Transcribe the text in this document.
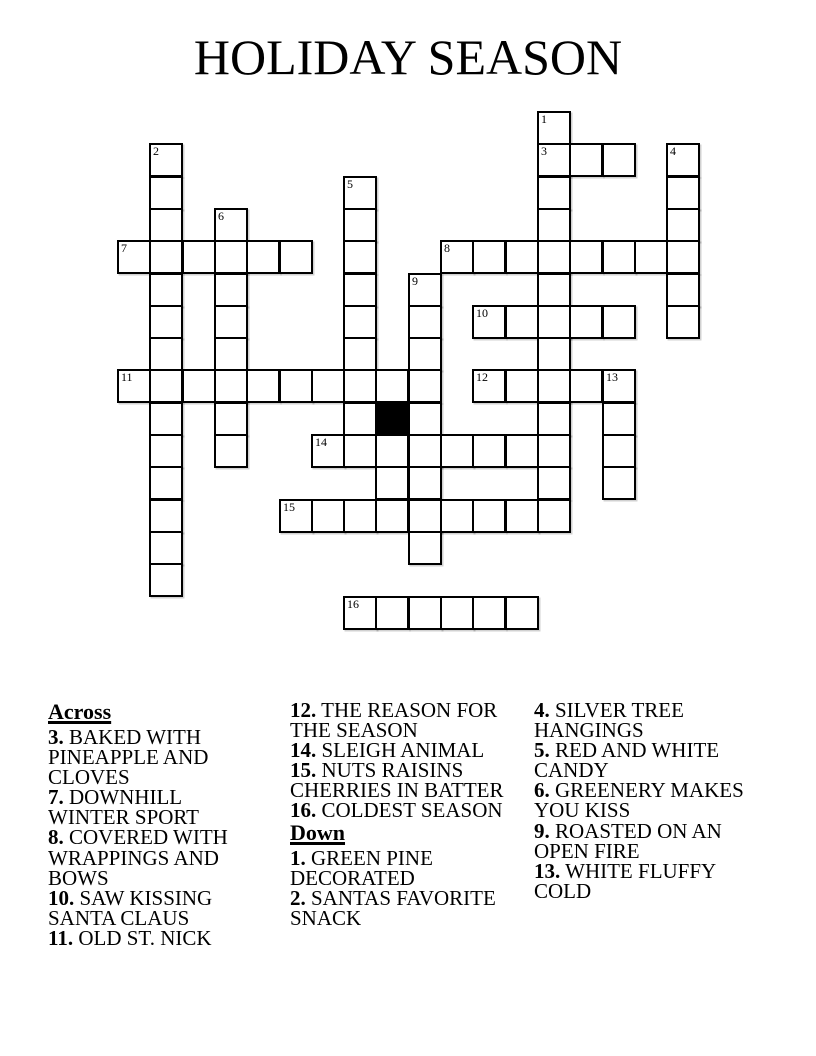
HOLIDAY SEASON
1
2	3	4
5
6
7	8
9
10
11	12	13
14
15
16

Across

3. BAKED WITH PINEAPPLE AND CLOVES

7. DOWNHILL WINTER SPORT

8. COVERED WITH WRAPPINGS AND BOWS

10. SAW KISSING SANTA CLAUS

11. OLD ST. NICK

12. THE REASON FOR THE SEASON

14. SLEIGH ANIMAL

15. NUTS RAISINS CHERRIES IN BATTER

16. COLDEST SEASON

Down

1. GREEN PINE DECORATED

2. SANTAS FAVORITE SNACK

4. SILVER TREE HANGINGS

5. RED AND WHITE CANDY

6. GREENERY MAKES YOU KISS

9. ROASTED ON AN OPEN FIRE

13. WHITE FLUFFY COLD
